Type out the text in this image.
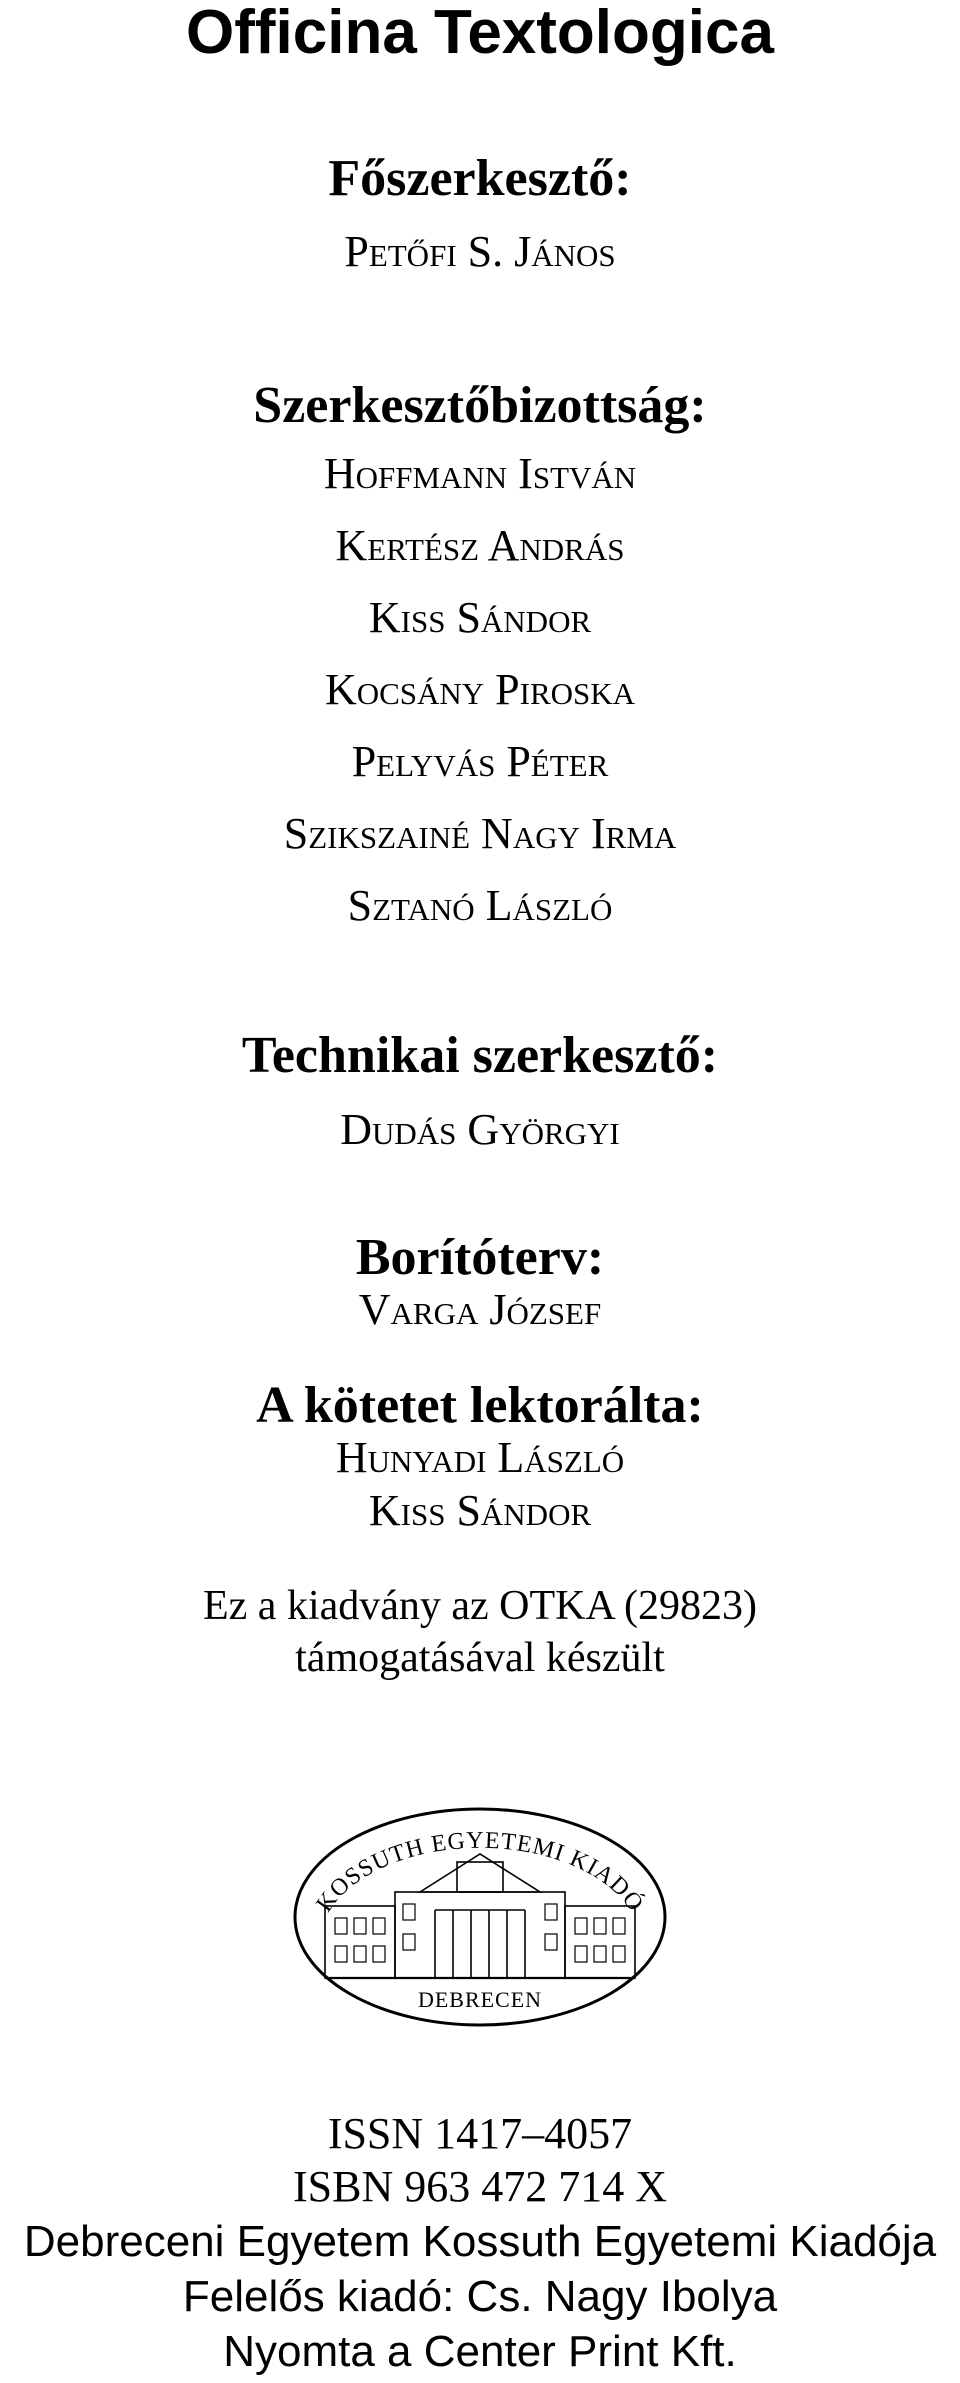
Officina Textologica
Főszerkesztő:
Petőfi S. János
Szerkesztőbizottság:
Hoffmann István
Kertész András
Kiss Sándor
Kocsány Piroska
Pelyvás Péter
Szikszainé Nagy Irma
Sztanó László
Technikai szerkesztő:
Dudás Györgyi
Borítóterv:
Varga József
A kötetet lektorálta:
Hunyadi László
Kiss Sándor
Ez a kiadvány az OTKA (29823)
támogatásával készült
KOSSUTH EGYETEMI KIADÓ
DEBRECEN
ISSN 1417–4057
ISBN 963 472 714 X
Debreceni Egyetem Kossuth Egyetemi Kiadója
Felelős kiadó: Cs. Nagy Ibolya
Nyomta a Center Print Kft.
